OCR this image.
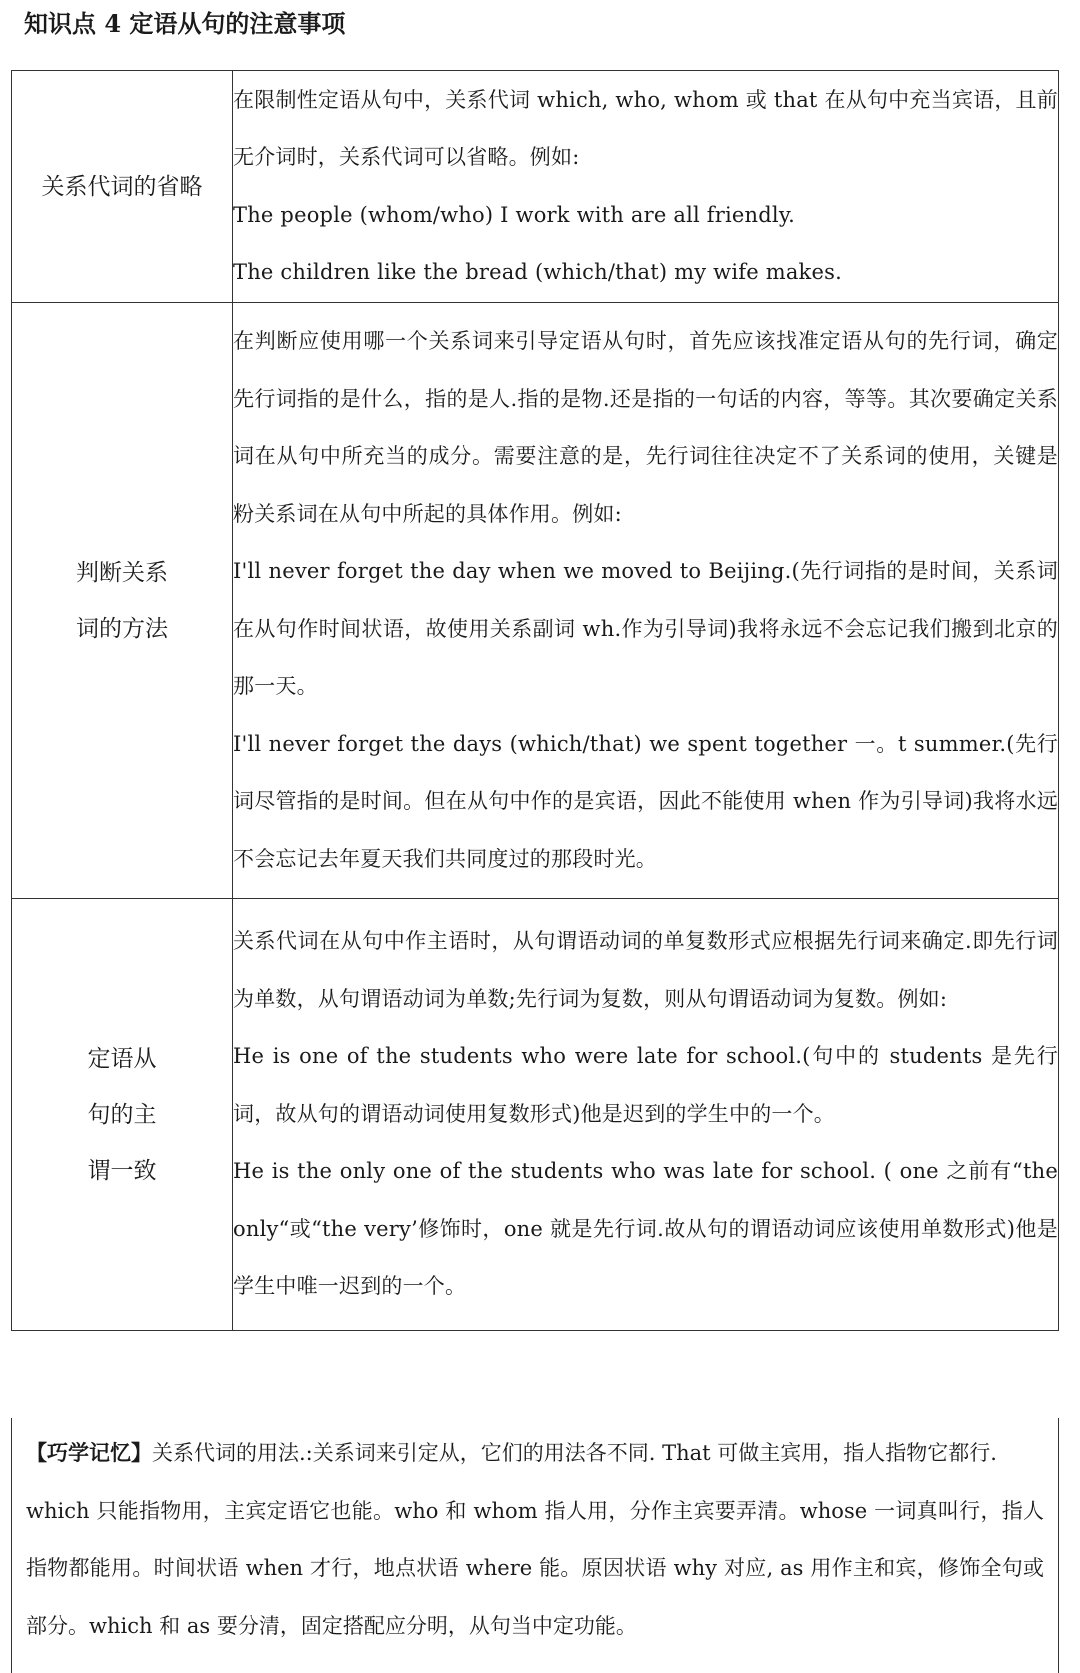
知识点 4 定语从句的注意事项
关系代词的省略	在限制性定语从句中，关系代词 which, who, whom 或 that 在从句中充当宾语，且前无介词时，关系代词可以省略。例如:

The people (whom/who) I work with are all friendly.

The children like the bread (which/that) my wife makes.

判断关系词的方法	在判断应使用哪一个关系词来引导定语从句时，首先应该找准定语从句的先行词，确定先行词指的是什么，指的是人.指的是物.还是指的一句话的内容，等等。其次要确定关系词在从句中所充当的成分。需要注意的是，先行词往往决定不了关系词的使用，关键是粉关系词在从句中所起的具体作用。例如:

I'll never forget the day when we moved to Beijing.(先行词指的是时间，关系词在从句作时间状语，故使用关系副词 wh.作为引导词)我将永远不会忘记我们搬到北京的那一天。

I'll never forget the days (which/that) we spent together 一。t summer.(先行词尽管指的是时间。但在从句中作的是宾语，因此不能使用 when 作为引导词)我将水远不会忘记去年夏天我们共同度过的那段时光。

定语从句的主谓一致	关系代词在从句中作主语时，从句谓语动词的单复数形式应根据先行词来确定.即先行词为单数，从句谓语动词为单数;先行词为复数，则从句谓语动词为复数。例如:

He is one of the students who were late for school.(句中的 students 是先行词，故从句的谓语动词使用复数形式)他是迟到的学生中的一个。

He is the only one of the students who was late for school. ( one 之前有“the only“或“the very’修饰时，one 就是先行词.故从句的谓语动词应该使用单数形式)他是学生中唯一迟到的一个。

【巧学记忆】关系代词的用法.:关系词来引定从，它们的用法各不同. That 可做主宾用，指人指物它都行.

which 只能指物用，主宾定语它也能。who 和 whom 指人用，分作主宾要弄清。whose 一词真叫行，指人指物都能用。时间状语 when 才行，地点状语 where 能。原因状语 why 对应, as 用作主和宾，修饰全句或部分。which 和 as 要分清，固定搭配应分明，从句当中定功能。
